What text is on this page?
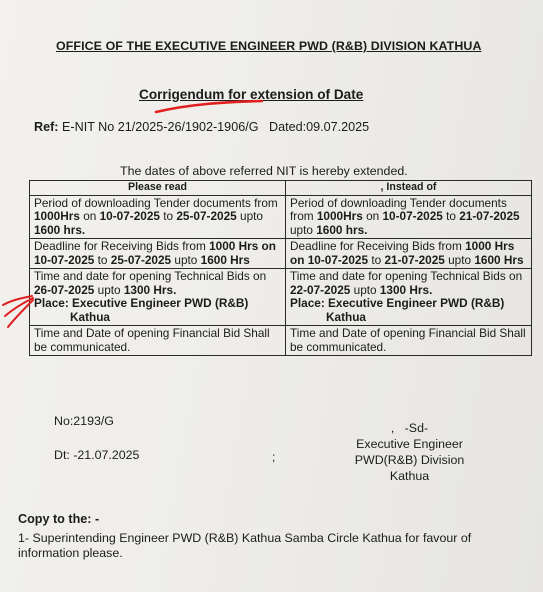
OFFICE OF THE EXECUTIVE ENGINEER PWD (R&B) DIVISION KATHUA
Corrigendum for extension of Date
Ref: E-NIT No 21/2025-26/1902-1906/G Dated:09.07.2025
The dates of above referred NIT is hereby extended.
Please read	, Instead of
Period of downloading Tender documents from 1000Hrs on 10-07-2025 to 25-07-2025 upto 1600 hrs.	Period of downloading Tender documents from 1000Hrs on 10-07-2025 to 21-07-2025 upto 1600 hrs.
Deadline for Receiving Bids from 1000 Hrs on 10-07-2025 to 25-07-2025 upto 1600 Hrs	Deadline for Receiving Bids from 1000 Hrs on 10-07-2025 to 21-07-2025 upto 1600 Hrs
Time and date for opening Technical Bids on 26-07-2025 upto 1300 Hrs.
Place: Executive Engineer PWD (R&B)

Kathua	Time and date for opening Technical Bids on 22-07-2025 upto 1300 Hrs.
Place: Executive Engineer PWD (R&B)

Kathua

Time and Date of opening Financial Bid Shall be communicated.	Time and Date of opening Financial Bid Shall be communicated.
No:2193/G
Dt: -21.07.2025	;
, -Sd-
Executive Engineer
PWD(R&B) Division
Kathua
Copy to the: -
1- Superintending Engineer PWD (R&B) Kathua Samba Circle Kathua for favour of information please.
